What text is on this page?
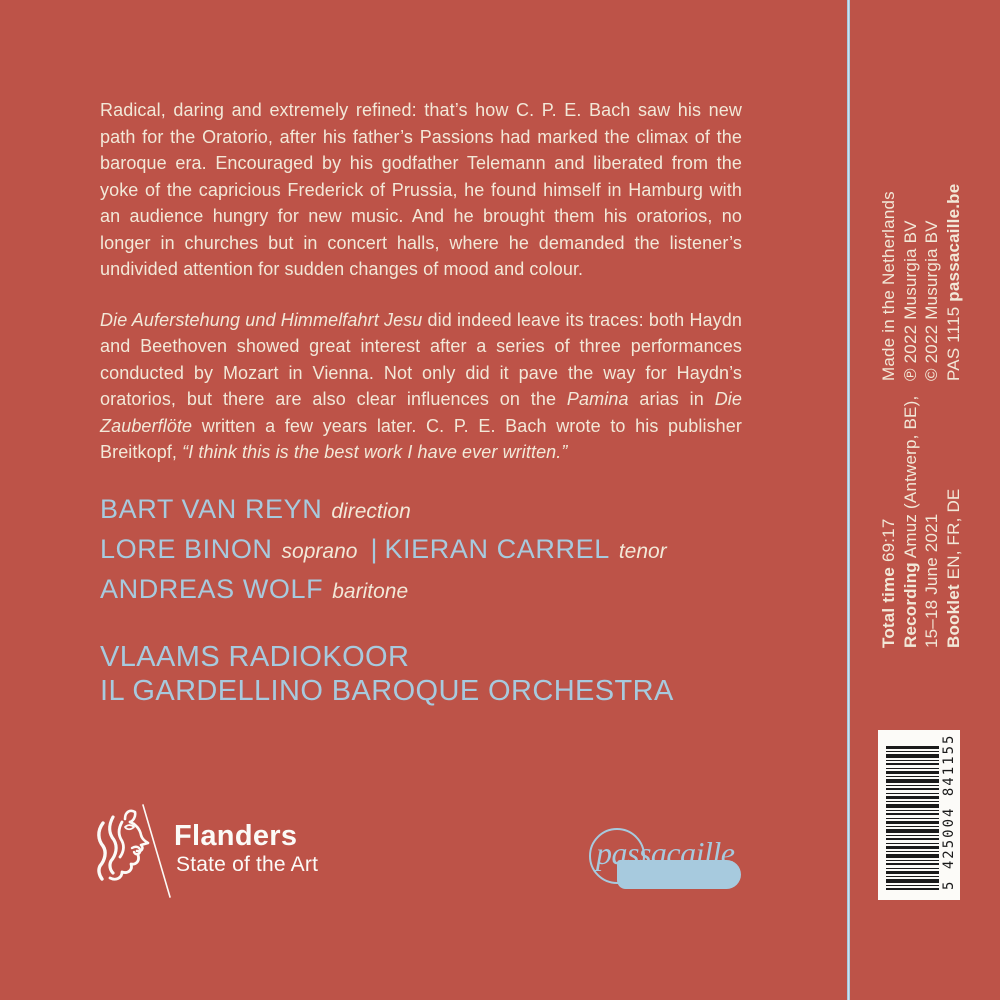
Radical, daring and extremely refined: that’s how C. P. E. Bach saw his new path for the Oratorio, after his father’s Passions had marked the climax of the baroque era. Encouraged by his godfather Telemann and liberated from the yoke of the capricious Frederick of Prussia, he found himself in Hamburg with an audience hungry for new music. And he brought them his oratorios, no longer in churches but in concert halls, where he demanded the listener’s undivided attention for sudden changes of mood and colour.

Die Auferstehung und Himmelfahrt Jesu did indeed leave its traces: both Haydn and Beethoven showed great interest after a series of three performances conducted by Mozart in Vienna. Not only did it pave the way for Haydn’s oratorios, but there are also clear influences on the Pamina arias in Die Zauberflöte written a few years later. C. P. E. Bach wrote to his publisher Breitkopf, “I think this is the best work I have ever written.”

BART VAN REYN direction
LORE BINON soprano | KIERAN CARREL tenor
ANDREAS WOLF baritone
VLAAMS RADIOKOOR
IL GARDELLINO BAROQUE ORCHESTRA
Made in the Netherlands ℗ 2022 Musurgia BV © 2022 Musurgia BV PAS 1115 passacaille.be
Total time 69:17
Recording Amuz (Antwerp, BE),
15–18 June 2021 Booklet EN, FR, DE
5 425004 841155
Flanders
State of the Art	passacaille
